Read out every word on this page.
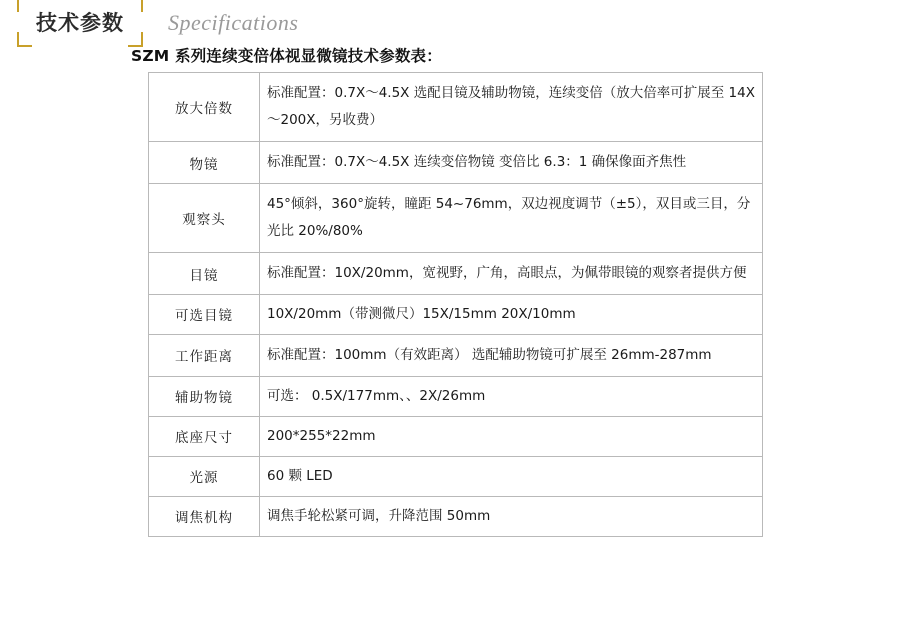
技术参数	Specifications
SZM 系列连续变倍体视显微镜技术参数表：
放大倍数	标准配置：0.7X～4.5X 选配目镜及辅助物镜，连续变倍（放大倍率可扩展至 14X～200X，另收费）

物镜	标准配置：0.7X～4.5X 连续变倍物镜 变倍比 6.3：1 确保像面齐焦性

观察头	45°倾斜，360°旋转，瞳距 54~76mm，双边视度调节（±5），双目或三目，分光比 20%/80%

目镜	标准配置：10X/20mm，宽视野，广角，高眼点，为佩带眼镜的观察者提供方便

可选目镜	10X/20mm（带测微尺）15X/15mm 20X/10mm

工作距离	标准配置：100mm（有效距离） 选配辅助物镜可扩展至 26mm-287mm

辅助物镜	可选： 0.5X/177mm、、2X/26mm

底座尺寸	200*255*22mm

光源	60 颗 LED

调焦机构	调焦手轮松紧可调，升降范围 50mm
